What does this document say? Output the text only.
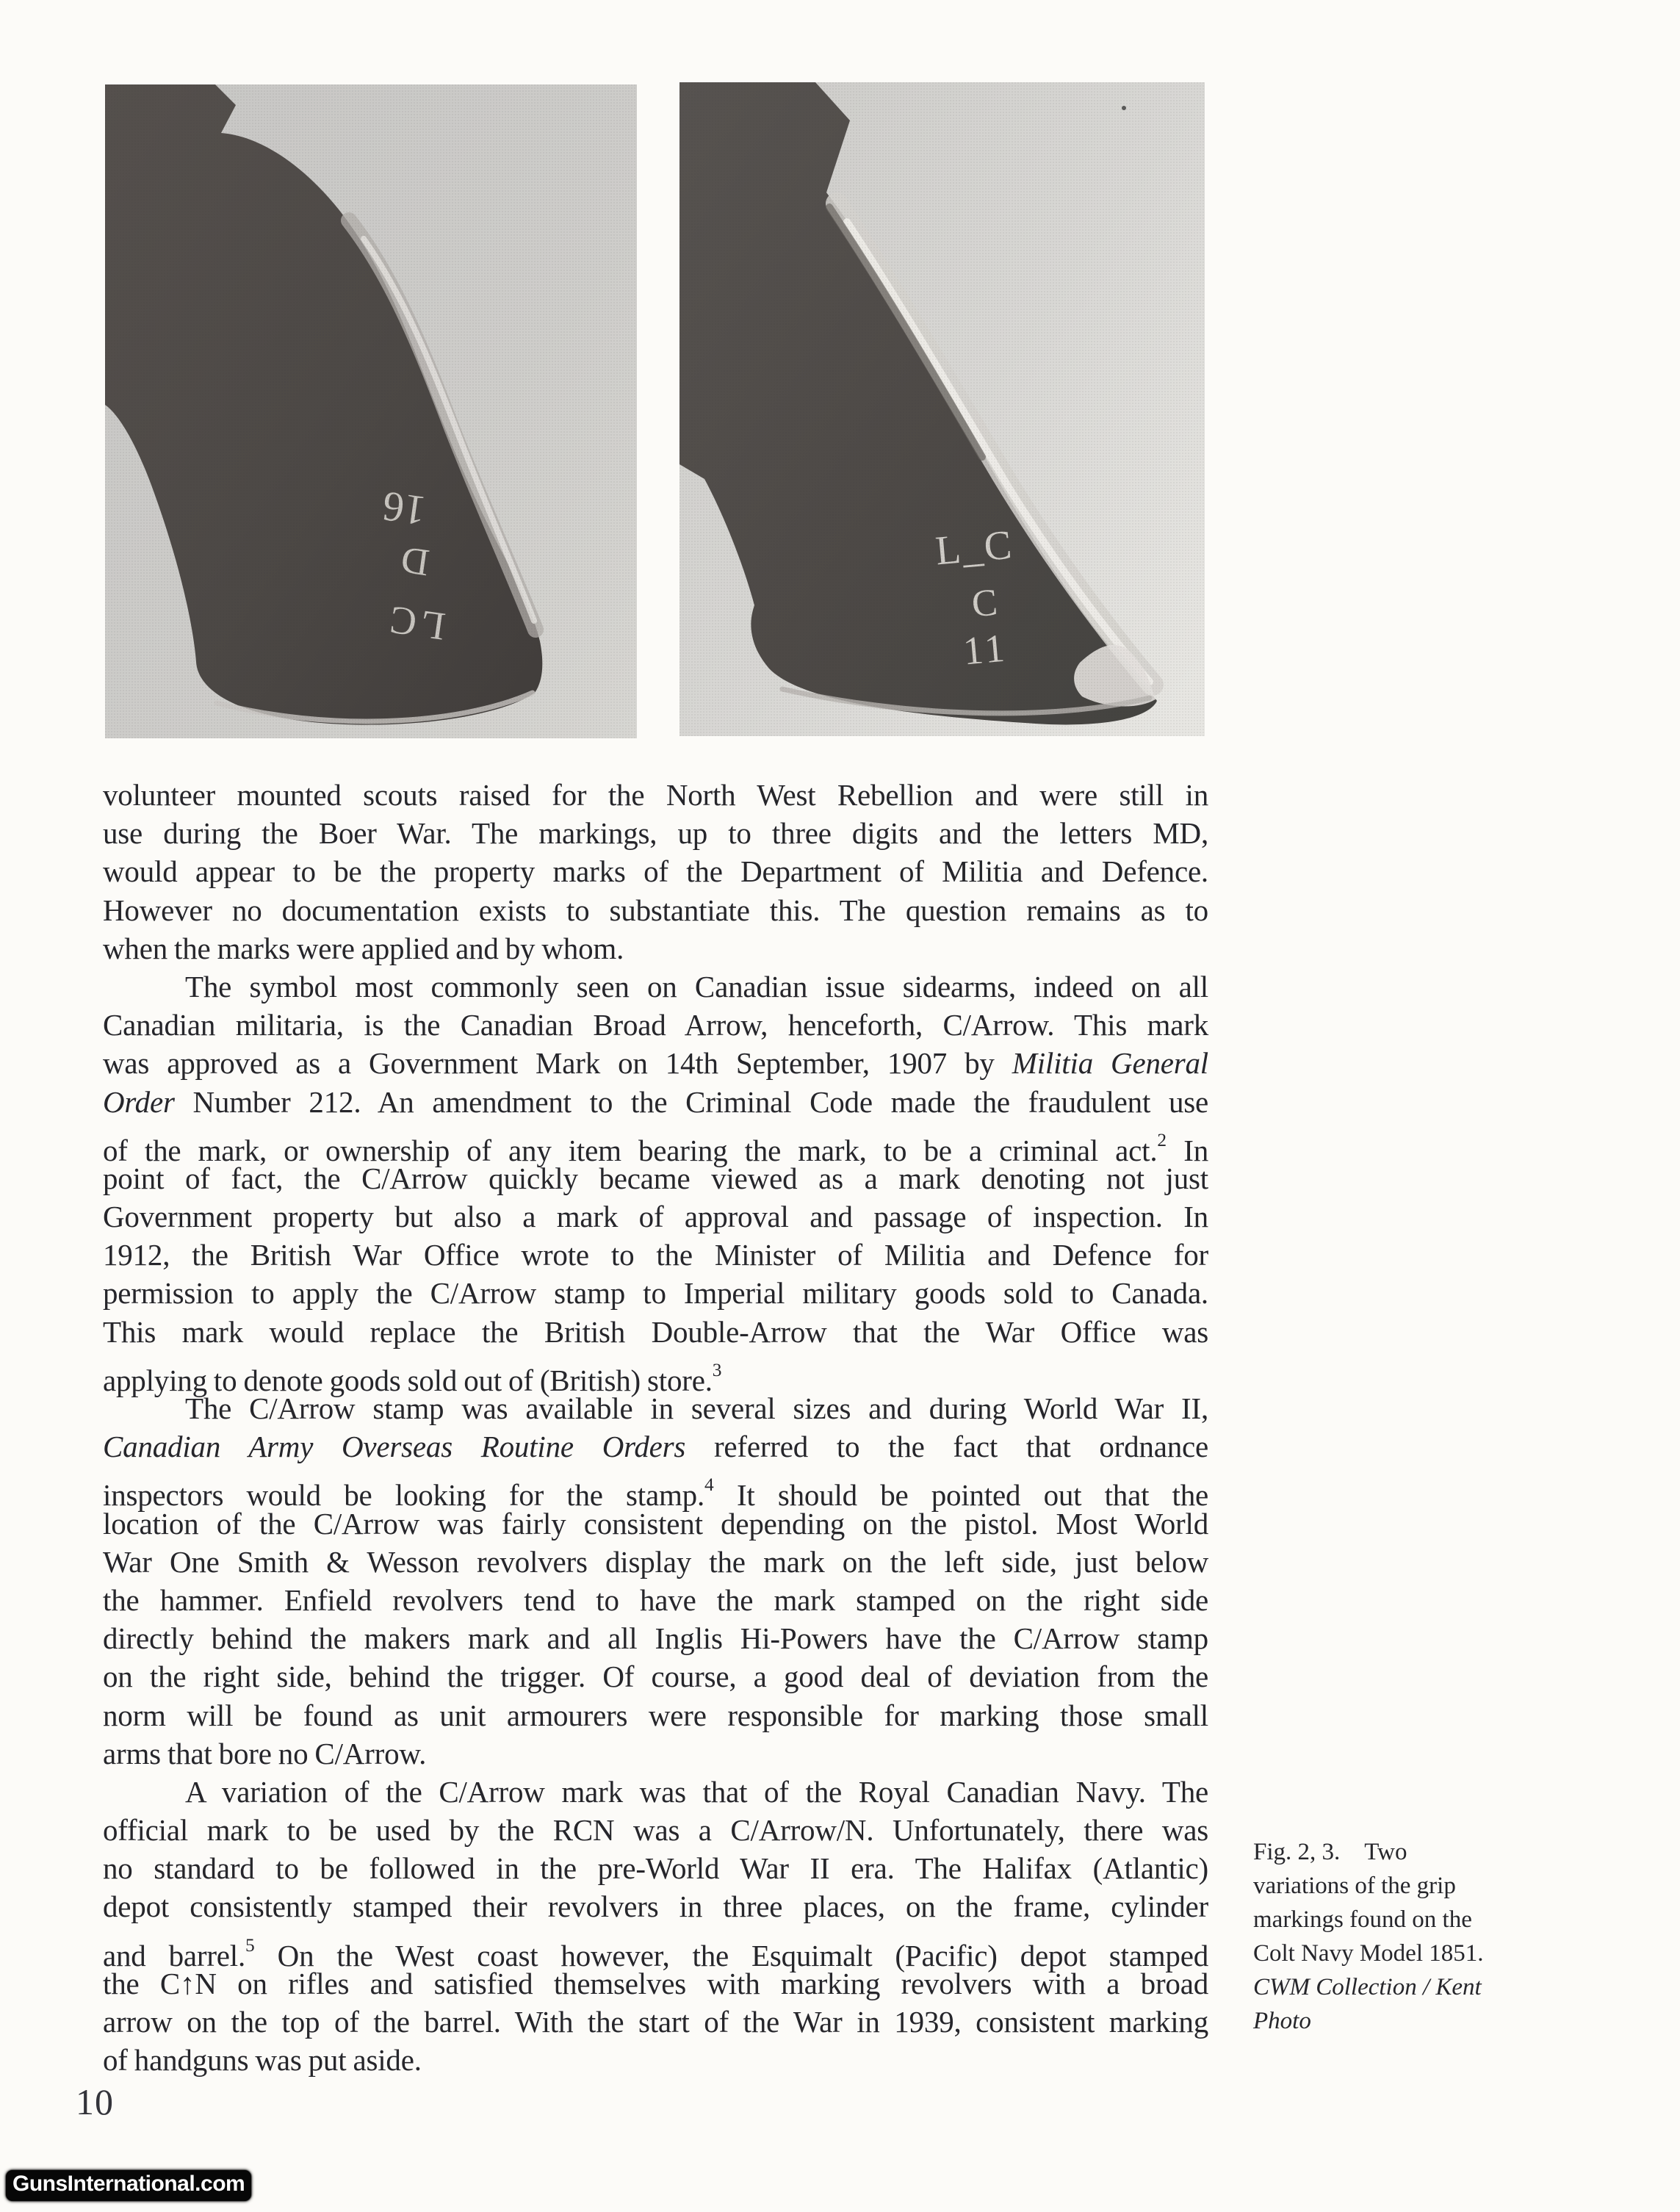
volunteer mounted scouts raised for the North West Rebellion and were still in
use during the Boer War. The markings, up to three digits and the letters MD,
would appear to be the property marks of the Department of Militia and Defence.
However no documentation exists to substantiate this. The question remains as to
when the marks were applied and by whom.
The symbol most commonly seen on Canadian issue sidearms, indeed on all
Canadian militaria, is the Canadian Broad Arrow, henceforth, C/Arrow. This mark
was approved as a Government Mark on 14th September, 1907 by Militia General
Order Number 212. An amendment to the Criminal Code made the fraudulent use
of the mark, or ownership of any item bearing the mark, to be a criminal act.$^2$ In
point of fact, the C/Arrow quickly became viewed as a mark denoting not just
Government property but also a mark of approval and passage of inspection. In
1912, the British War Office wrote to the Minister of Militia and Defence for
permission to apply the C/Arrow stamp to Imperial military goods sold to Canada.
This mark would replace the British Double-Arrow that the War Office was
applying to denote goods sold out of (British) store.$^3$
The C/Arrow stamp was available in several sizes and during World War II,
Canadian Army Overseas Routine Orders referred to the fact that ordnance
inspectors would be looking for the stamp.$^4$ It should be pointed out that the
location of the C/Arrow was fairly consistent depending on the pistol. Most World
War One Smith & Wesson revolvers display the mark on the left side, just below
the hammer. Enfield revolvers tend to have the mark stamped on the right side
directly behind the makers mark and all Inglis Hi-Powers have the C/Arrow stamp
on the right side, behind the trigger. Of course, a good deal of deviation from the
norm will be found as unit armourers were responsible for marking those small
arms that bore no C/Arrow.
A variation of the C/Arrow mark was that of the Royal Canadian Navy. The
official mark to be used by the RCN was a C/Arrow/N. Unfortunately, there was
no standard to be followed in the pre-World War II era. The Halifax (Atlantic)
depot consistently stamped their revolvers in three places, on the frame, cylinder
and barrel.$^5$ On the West coast however, the Esquimalt (Pacific) depot stamped
the C↑N on rifles and satisfied themselves with marking revolvers with a broad
arrow on the top of the barrel. With the start of the War in 1939, consistent marking
of handguns was put aside.
Fig. 2, 3.  Two
variations of the grip
markings found on the
Colt Navy Model 1851.
CWM Collection / Kent
Photo
10
GunsInternational.com
